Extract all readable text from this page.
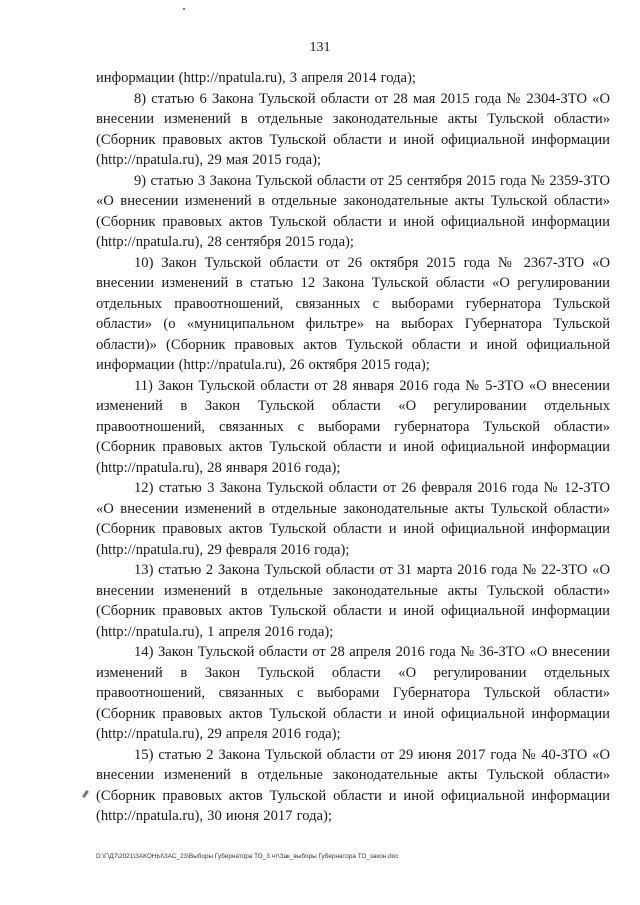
131

информации (http://npatula.ru), 3 апреля 2014 года);

8) статью 6 Закона Тульской области от 28 мая 2015 года № 2304-ЗТО «О внесении изменений в отдельные законодательные акты Тульской области» (Сборник правовых актов Тульской области и иной официальной информации (http://npatula.ru), 29 мая 2015 года);

9) статью 3 Закона Тульской области от 25 сентября 2015 года № 2359-ЗТО «О внесении изменений в отдельные законодательные акты Тульской области» (Сборник правовых актов Тульской области и иной официальной информации (http://npatula.ru), 28 сентября 2015 года);

10) Закон Тульской области от 26 октября 2015 года № 2367-ЗТО «О внесении изменений в статью 12 Закона Тульской области «О регулировании отдельных правоотношений, связанных с выборами губернатора Тульской области» (о «муниципальном фильтре» на выборах Губернатора Тульской области)» (Сборник правовых актов Тульской области и иной официальной информации (http://npatula.ru), 26 октября 2015 года);

11) Закон Тульской области от 28 января 2016 года № 5-ЗТО «О внесении изменений в Закон Тульской области «О регулировании отдельных правоотношений, связанных с выборами губернатора Тульской области» (Сборник правовых актов Тульской области и иной официальной информации (http://npatula.ru), 28 января 2016 года);

12) статью 3 Закона Тульской области от 26 февраля 2016 года № 12-ЗТО «О внесении изменений в отдельные законодательные акты Тульской области» (Сборник правовых актов Тульской области и иной официальной информации (http://npatula.ru), 29 февраля 2016 года);

13) статью 2 Закона Тульской области от 31 марта 2016 года № 22-ЗТО «О внесении изменений в отдельные законодательные акты Тульской области» (Сборник правовых актов Тульской области и иной официальной информации (http://npatula.ru), 1 апреля 2016 года);

14) Закон Тульской области от 28 апреля 2016 года № 36-ЗТО «О внесении изменений в Закон Тульской области «О регулировании отдельных правоотношений, связанных с выборами Губернатора Тульской области» (Сборник правовых актов Тульской области и иной официальной информации (http://npatula.ru), 29 апреля 2016 года);

15) статью 2 Закона Тульской области от 29 июня 2017 года № 40-ЗТО «О внесении изменений в отдельные законодательные акты Тульской области» (Сборник правовых актов Тульской области и иной официальной информации (http://npatula.ru), 30 июня 2017 года);

D:\Г\Д7\2021\ЗАКОНЫ\ЗАС_23\Выборы Губернатора ТО_3 чт\Зак_выборы Губернатора ТО_закон.doc
